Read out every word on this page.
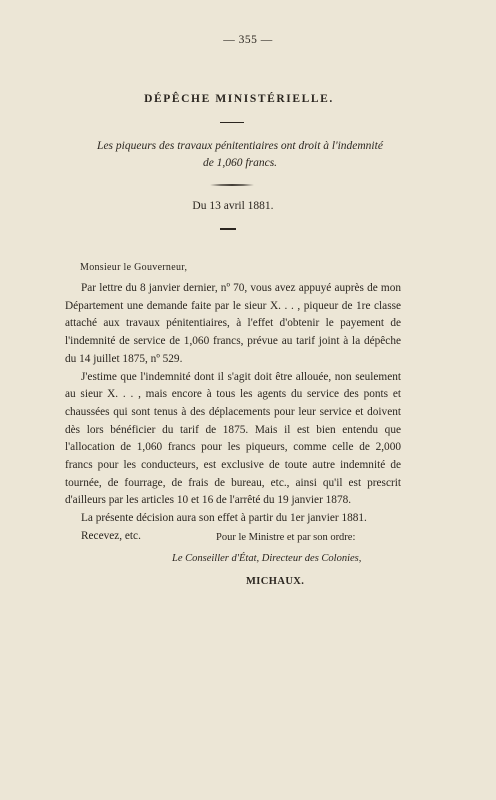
— 355 —
DÉPÊCHE MINISTÉRIELLE.
Les piqueurs des travaux pénitentiaires ont droit à l'indemnité
de 1,060 francs.
Du 13 avril 1881.
Monsieur le Gouverneur,

Par lettre du 8 janvier dernier, nº 70, vous avez appuyé auprès de mon Département une demande faite par le sieur X. . . , piqueur de 1re classe attaché aux travaux pénitentiaires, à l'effet d'obtenir le payement de l'indemnité de service de 1,060 francs, prévue au tarif joint à la dépêche du 14 juillet 1875, nº 529.

J'estime que l'indemnité dont il s'agit doit être allouée, non seulement au sieur X. . . , mais encore à tous les agents du service des ponts et chaussées qui sont tenus à des déplacements pour leur service et doivent dès lors bénéficier du tarif de 1875. Mais il est bien entendu que l'allocation de 1,060 francs pour les piqueurs, comme celle de 2,000 francs pour les conducteurs, est exclusive de toute autre indemnité de tournée, de fourrage, de frais de bureau, etc., ainsi qu'il est prescrit d'ailleurs par les articles 10 et 16 de l'arrêté du 19 janvier 1878.

La présente décision aura son effet à partir du 1er janvier 1881.

Recevez, etc.	Pour le Ministre et par son ordre:
Le Conseiller d'État, Directeur des Colonies,
MICHAUX.
